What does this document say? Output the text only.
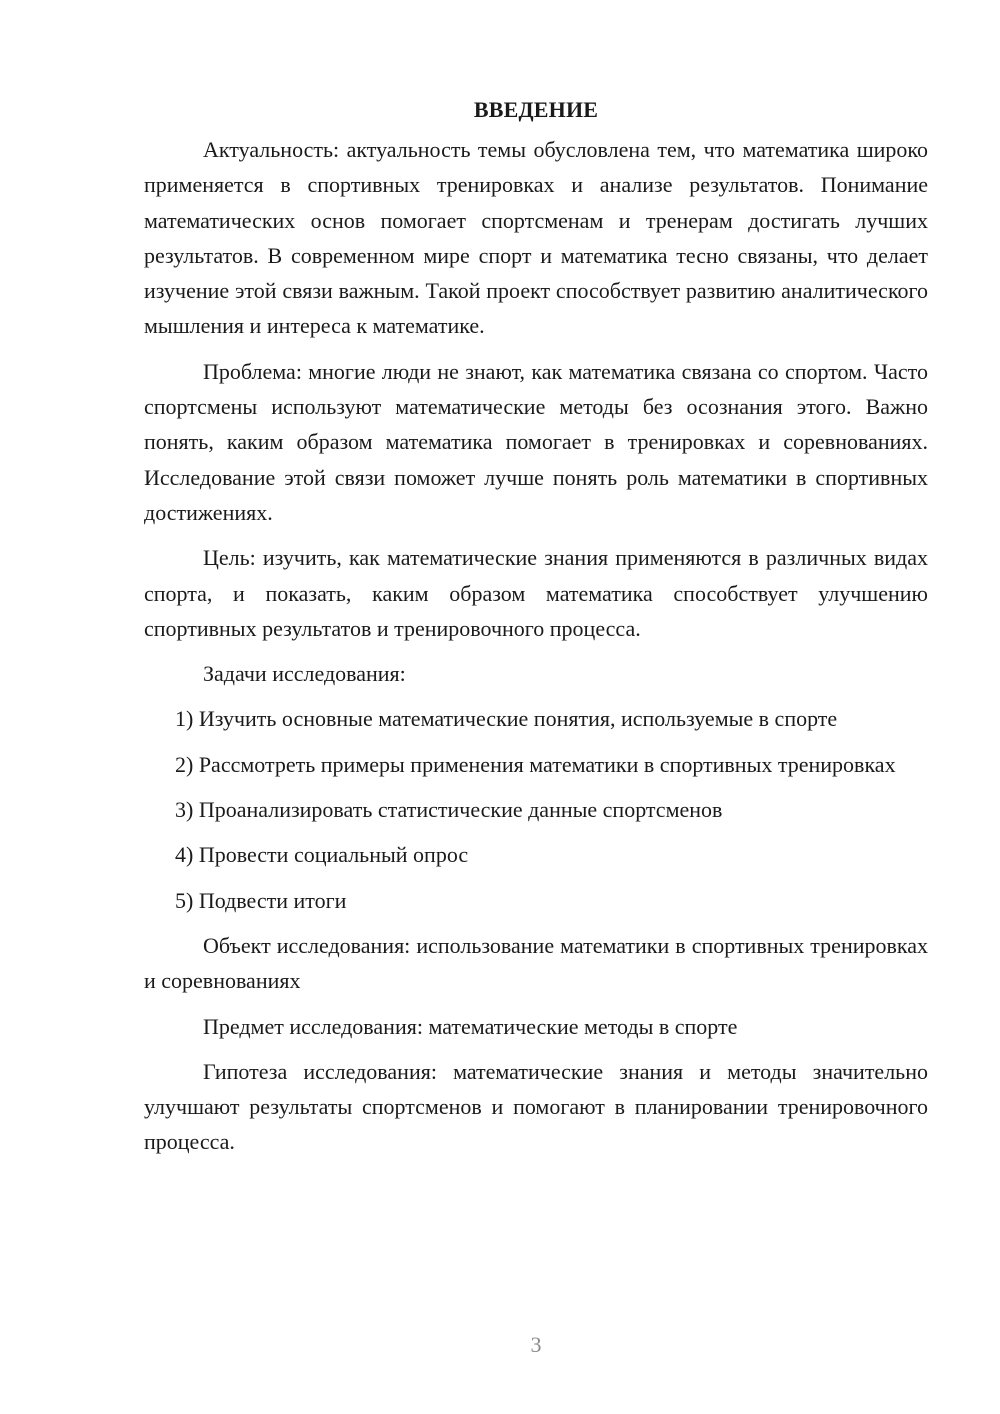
ВВЕДЕНИЕ

Актуальность: актуальность темы обусловлена тем, что математика широко применяется в спортивных тренировках и анализе результатов. Понимание математических основ помогает спортсменам и тренерам достигать лучших результатов. В современном мире спорт и математика тесно связаны, что делает изучение этой связи важным. Такой проект способствует развитию аналитического мышления и интереса к математике.

Проблема: многие люди не знают, как математика связана со спортом. Часто спортсмены используют математические методы без осознания этого. Важно понять, каким образом математика помогает в тренировках и соревнованиях. Исследование этой связи поможет лучше понять роль математики в спортивных достижениях.

Цель: изучить, как математические знания применяются в различных видах спорта, и показать, каким образом математика способствует улучшению спортивных результатов и тренировочного процесса.

Задачи исследования:

1) Изучить основные математические понятия, используемые в спорте

2) Рассмотреть примеры применения математики в спортивных тренировках

3) Проанализировать статистические данные спортсменов

4) Провести социальный опрос

5) Подвести итоги

Объект исследования: использование математики в спортивных тренировках и соревнованиях

Предмет исследования: математические методы в спорте

Гипотеза исследования: математические знания и методы значительно улучшают результаты спортсменов и помогают в планировании тренировочного процесса.

3
